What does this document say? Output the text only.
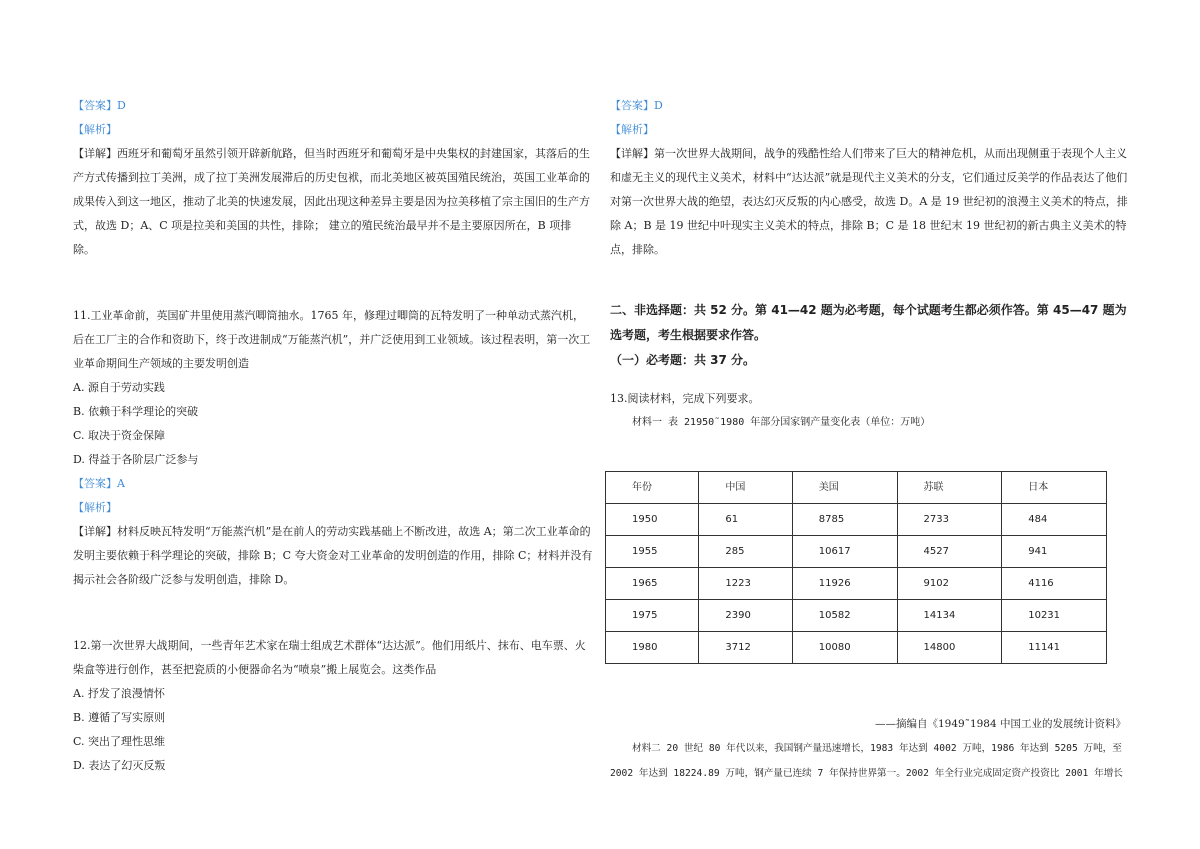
【答案】D

【解析】

【详解】西班牙和葡萄牙虽然引领开辟新航路，但当时西班牙和葡萄牙是中央集权的封建国家，其落后的生产方式传播到拉丁美洲，成了拉丁美洲发展滞后的历史包袱，而北美地区被英国殖民统治，英国工业革命的成果传入到这一地区，推动了北美的快速发展，因此出现这种差异主要是因为拉美移植了宗主国旧的生产方式，故选 D；A、C 项是拉美和美国的共性，排除； 建立的殖民统治最早并不是主要原因所在，B 项排除。

11.工业革命前，英国矿井里使用蒸汽唧筒抽水。1765 年，修理过唧筒的瓦特发明了一种单动式蒸汽机，后在工厂主的合作和资助下，终于改进制成“万能蒸汽机”，并广泛使用到工业领域。该过程表明，第一次工业革命期间生产领域的主要发明创造

A. 源自于劳动实践

B. 依赖于科学理论的突破

C. 取决于资金保障

D. 得益于各阶层广泛参与

【答案】A

【解析】

【详解】材料反映瓦特发明“万能蒸汽机”是在前人的劳动实践基础上不断改进，故选 A；第二次工业革命的发明主要依赖于科学理论的突破，排除 B；C 夸大资金对工业革命的发明创造的作用，排除 C；材料并没有揭示社会各阶级广泛参与发明创造，排除 D。

12.第一次世界大战期间，一些青年艺术家在瑞士组成艺术群体“达达派”。他们用纸片、抹布、电车票、火柴盒等进行创作，甚至把瓷质的小便器命名为“喷泉”搬上展览会。这类作品

A. 抒发了浪漫情怀

B. 遵循了写实原则

C. 突出了理性思维

D. 表达了幻灭反叛

【答案】D

【解析】

【详解】第一次世界大战期间，战争的残酷性给人们带来了巨大的精神危机，从而出现侧重于表现个人主义和虚无主义的现代主义美术，材料中“达达派”就是现代主义美术的分支，它们通过反美学的作品表达了他们对第一次世界大战的绝望，表达幻灭反叛的内心感受，故选 D。A 是 19 世纪初的浪漫主义美术的特点，排除 A；B 是 19 世纪中叶现实主义美术的特点，排除 B；C 是 18 世纪末 19 世纪初的新古典主义美术的特点，排除。

二、非选择题：共 52 分。第 41—42 题为必考题，每个试题考生都必须作答。第 45—47 题为选考题，考生根据要求作答。

（一）必考题：共 37 分。

13.阅读材料，完成下列要求。

材料一 表 21950˜1980 年部分国家钢产量变化表（单位：万吨）

年份	中国	美国	苏联	日本
1950	61	8785	2733	484
1955	285	10617	4527	941
1965	1223	11926	9102	4116
1975	2390	10582	14134	10231
1980	3712	10080	14800	11141

——摘编自《1949˜1984 中国工业的发展统计资料》

材料二 20 世纪 80 年代以来，我国钢产量迅速增长，1983 年达到 4002 万吨，1986 年达到 5205 万吨，至 2002 年达到 18224.89 万吨，钢产量已连续 7 年保持世界第一。2002 年全行业完成固定资产投资比 2001 年增长
